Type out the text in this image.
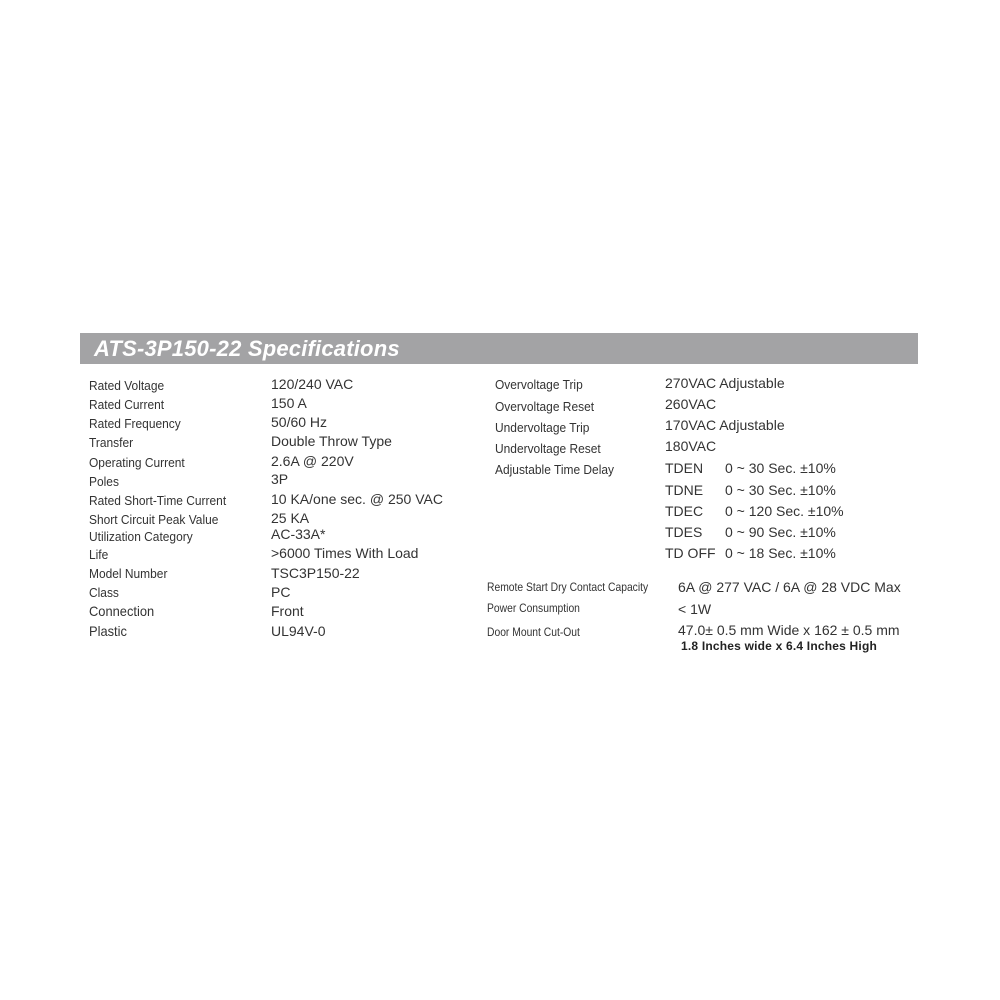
ATS-3P150-22 Specifications
Rated Voltage	120/240 VAC
Rated Current	150 A
Rated Frequency	50/60 Hz
Transfer	Double Throw Type
Operating Current	2.6A @ 220V
Poles	3P
Rated Short-Time Current	10 KA/one sec. @ 250 VAC
Short Circuit Peak Value	25 KA
Utilization Category	AC-33A*
Life	>6000 Times With Load
Model Number	TSC3P150-22
Class	PC
Connection	Front
Plastic	UL94V-0
Overvoltage Trip	270VAC Adjustable
Overvoltage Reset	260VAC
Undervoltage Trip	170VAC Adjustable
Undervoltage Reset	180VAC
Adjustable Time Delay	TDEN 0 ~ 30 Sec. ±10%
TDNE 0 ~ 30 Sec. ±10%
TDEC 0 ~ 120 Sec. ±10%
TDES 0 ~ 90 Sec. ±10%
TD OFF 0 ~ 18 Sec. ±10%
Remote Start Dry Contact Capacity 6A @ 277 VAC / 6A @ 28 VDC Max
Power Consumption	< 1W
Door Mount Cut-Out	47.0± 0.5 mm Wide x 162 ± 0.5 mm
1.8 Inches wide x 6.4 Inches High
